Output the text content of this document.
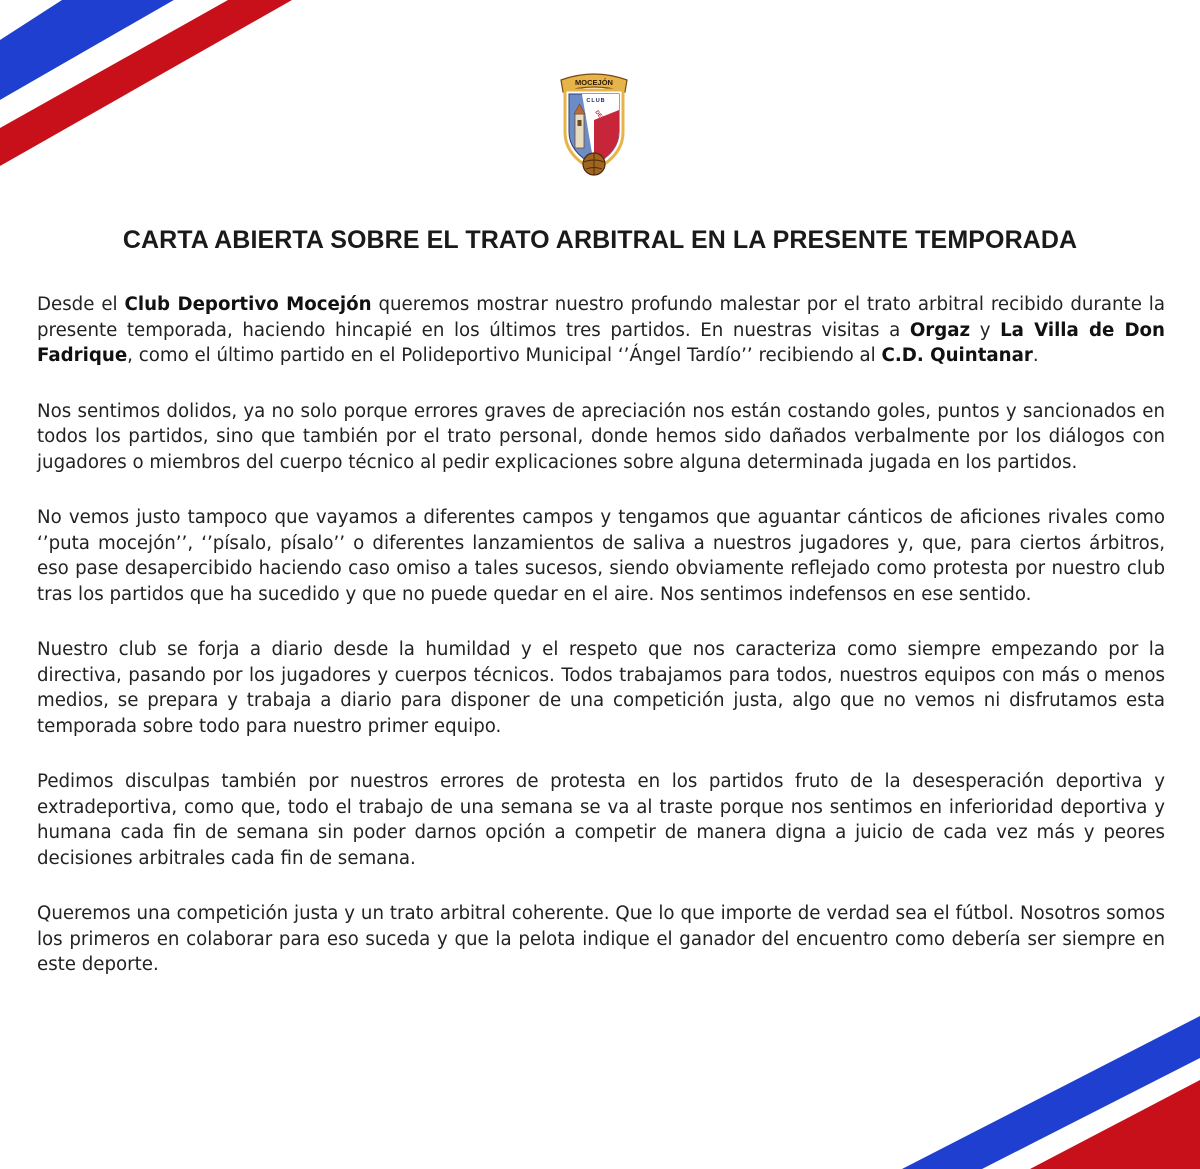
MOCEJÓN
CLUB
DEPORTIVO
CARTA ABIERTA SOBRE EL TRATO ARBITRAL EN LA PRESENTE TEMPORADA

Desde el Club Deportivo Mocejón queremos mostrar nuestro profundo malestar por el trato arbitral recibido durante la presente temporada, haciendo hincapié en los últimos tres partidos. En nuestras visitas a Orgaz y La Villa de Don Fadrique, como el último partido en el Polideportivo Municipal ‘’Ángel Tardío’’ recibiendo al C.D. Quintanar.

Nos sentimos dolidos, ya no solo porque errores graves de apreciación nos están costando goles, puntos y sancionados en todos los partidos, sino que también por el trato personal, donde hemos sido dañados verbalmente por los diálogos con jugadores o miembros del cuerpo técnico al pedir explicaciones sobre alguna determinada jugada en los partidos.

No vemos justo tampoco que vayamos a diferentes campos y tengamos que aguantar cánticos de aficiones rivales como ‘’puta mocejón’’, ‘’písalo, písalo’’ o diferentes lanzamientos de saliva a nuestros jugadores y, que, para ciertos árbitros, eso pase desapercibido haciendo caso omiso a tales sucesos, siendo obviamente reflejado como protesta por nuestro club tras los partidos que ha sucedido y que no puede quedar en el aire. Nos sentimos indefensos en ese sentido.

Nuestro club se forja a diario desde la humildad y el respeto que nos caracteriza como siempre empezando por la directiva, pasando por los jugadores y cuerpos técnicos. Todos trabajamos para todos, nuestros equipos con más o menos medios, se prepara y trabaja a diario para disponer de una competición justa, algo que no vemos ni disfrutamos esta temporada sobre todo para nuestro primer equipo.

Pedimos disculpas también por nuestros errores de protesta en los partidos fruto de la desesperación deportiva y extradeportiva, como que, todo el trabajo de una semana se va al traste porque nos sentimos en inferioridad deportiva y humana cada fin de semana sin poder darnos opción a competir de manera digna a juicio de cada vez más y peores decisiones arbitrales cada fin de semana.

Queremos una competición justa y un trato arbitral coherente. Que lo que importe de verdad sea el fútbol. Nosotros somos los primeros en colaborar para eso suceda y que la pelota indique el ganador del encuentro como debería ser siempre en este deporte.
